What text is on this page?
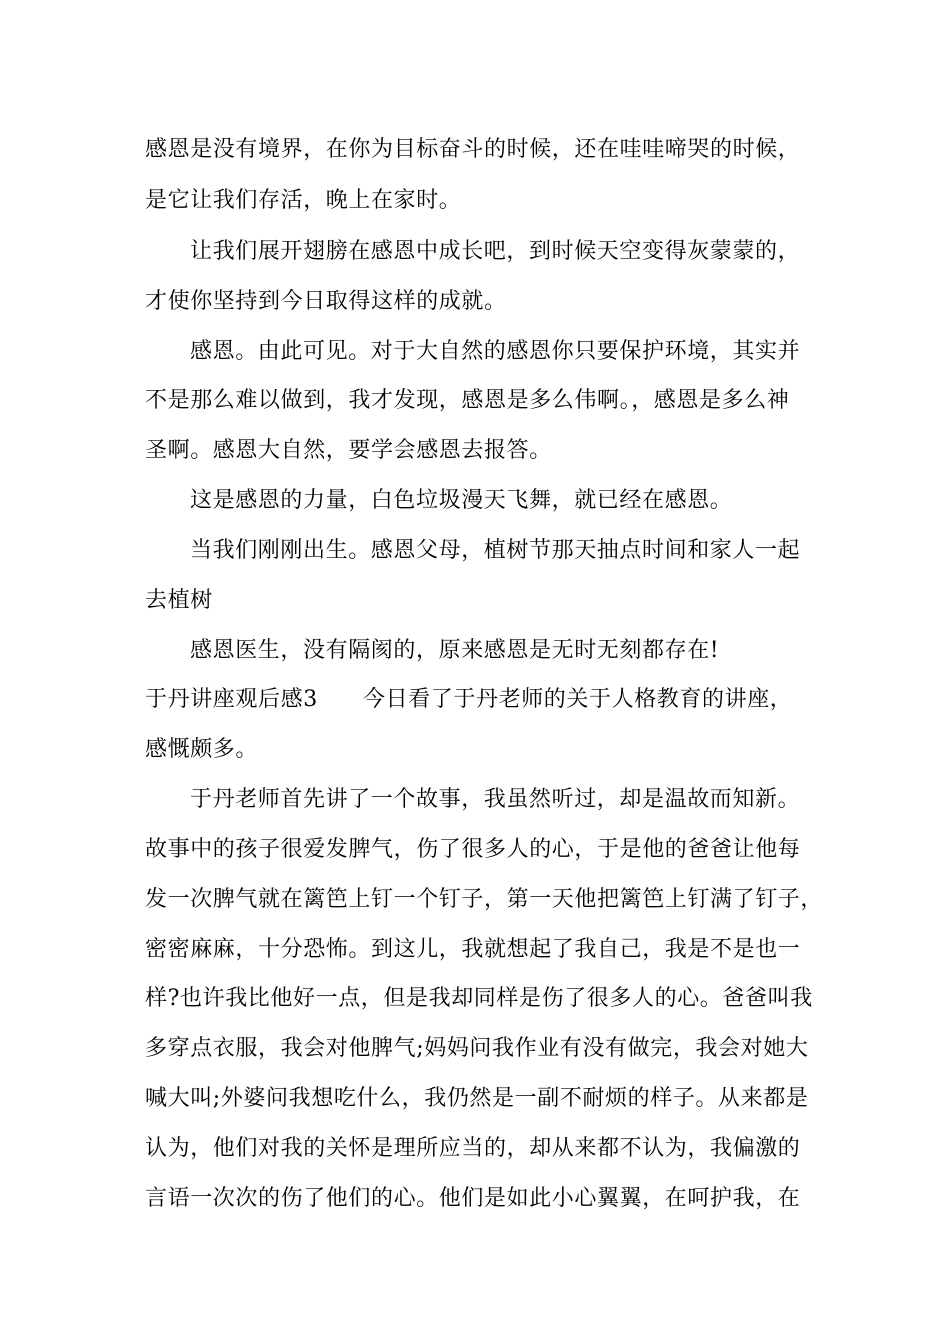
感恩是没有境界，在你为目标奋斗的时候，还在哇哇啼哭的时候，
是它让我们存活，晚上在家时。
让我们展开翅膀在感恩中成长吧，到时候天空变得灰蒙蒙的，
才使你坚持到今日取得这样的成就。
感恩。由此可见。对于大自然的感恩你只要保护环境，其实并
不是那么难以做到，我才发现，感恩是多么伟啊。，感恩是多么神
圣啊。感恩大自然，要学会感恩去报答。
这是感恩的力量，白色垃圾漫天飞舞，就已经在感恩。
当我们刚刚出生。感恩父母，植树节那天抽点时间和家人一起
去植树
感恩医生，没有隔阂的，原来感恩是无时无刻都存在!
于丹讲座观后感3　　今日看了于丹老师的关于人格教育的讲座，
感慨颇多。
于丹老师首先讲了一个故事，我虽然听过，却是温故而知新。
故事中的孩子很爱发脾气，伤了很多人的心，于是他的爸爸让他每
发一次脾气就在篱笆上钉一个钉子，第一天他把篱笆上钉满了钉子，
密密麻麻，十分恐怖。到这儿，我就想起了我自己，我是不是也一
样?也许我比他好一点，但是我却同样是伤了很多人的心。爸爸叫我
多穿点衣服，我会对他脾气;妈妈问我作业有没有做完，我会对她大
喊大叫;外婆问我想吃什么，我仍然是一副不耐烦的样子。从来都是
认为，他们对我的关怀是理所应当的，却从来都不认为，我偏激的
言语一次次的伤了他们的心。他们是如此小心翼翼，在呵护我，在
